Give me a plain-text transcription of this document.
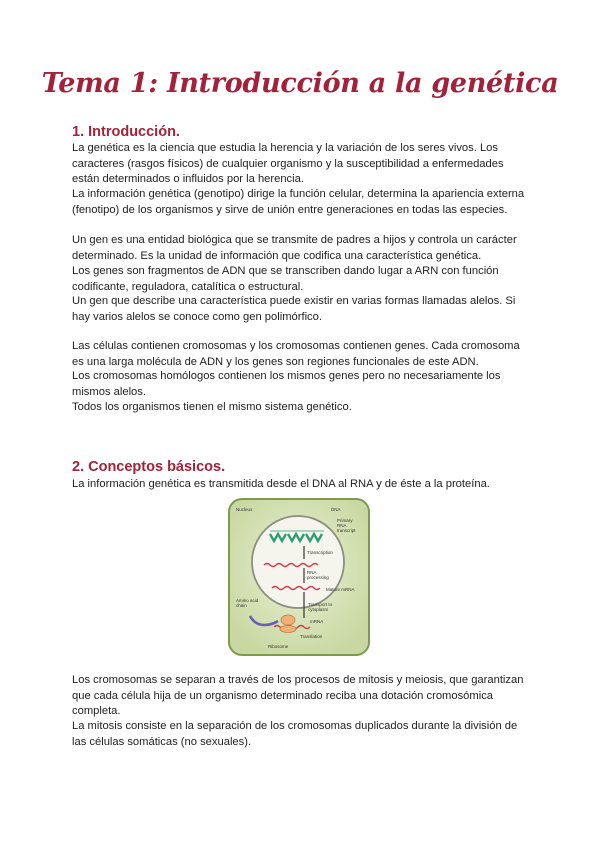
Tema 1: Introducción a la genética
1. Introducción.

La genética es la ciencia que estudia la herencia y la variación de los seres vivos. Los caracteres (rasgos físicos) de cualquier organismo y la susceptibilidad a enfermedades están determinados o influidos por la herencia.

La información genética (genotipo) dirige la función celular, determina la apariencia externa (fenotipo) de los organismos y sirve de unión entre generaciones en todas las especies.

Un gen es una entidad biológica que se transmite de padres a hijos y controla un carácter determinado. Es la unidad de información que codifica una característica genética.

Los genes son fragmentos de ADN que se transcriben dando lugar a ARN con función codificante, reguladora, catalítica o estructural.

Un gen que describe una característica puede existir en varias formas llamadas alelos. Si hay varios alelos se conoce como gen polimórfico.

Las células contienen cromosomas y los cromosomas contienen genes. Cada cromosoma es una larga molécula de ADN y los genes son regiones funcionales de este ADN.

Los cromosomas homólogos contienen los mismos genes pero no necesariamente los mismos alelos.

Todos los organismos tienen el mismo sistema genético.

2. Conceptos básicos.

La información genética es transmitida desde el DNA al RNA y de éste a la proteína.

Nucleus	DNA
Primary
RNA
transcript
Transcription
RNA
processing
Mature mRNA
Amino acid
chain	Transport to
cytoplasm
mRNA
Translation
Ribosome

Los cromosomas se separan a través de los procesos de mitosis y meiosis, que garantizan que cada célula hija de un organismo determinado reciba una dotación cromosómica completa.

La mitosis consiste en la separación de los cromosomas duplicados durante la división de las células somáticas (no sexuales).
